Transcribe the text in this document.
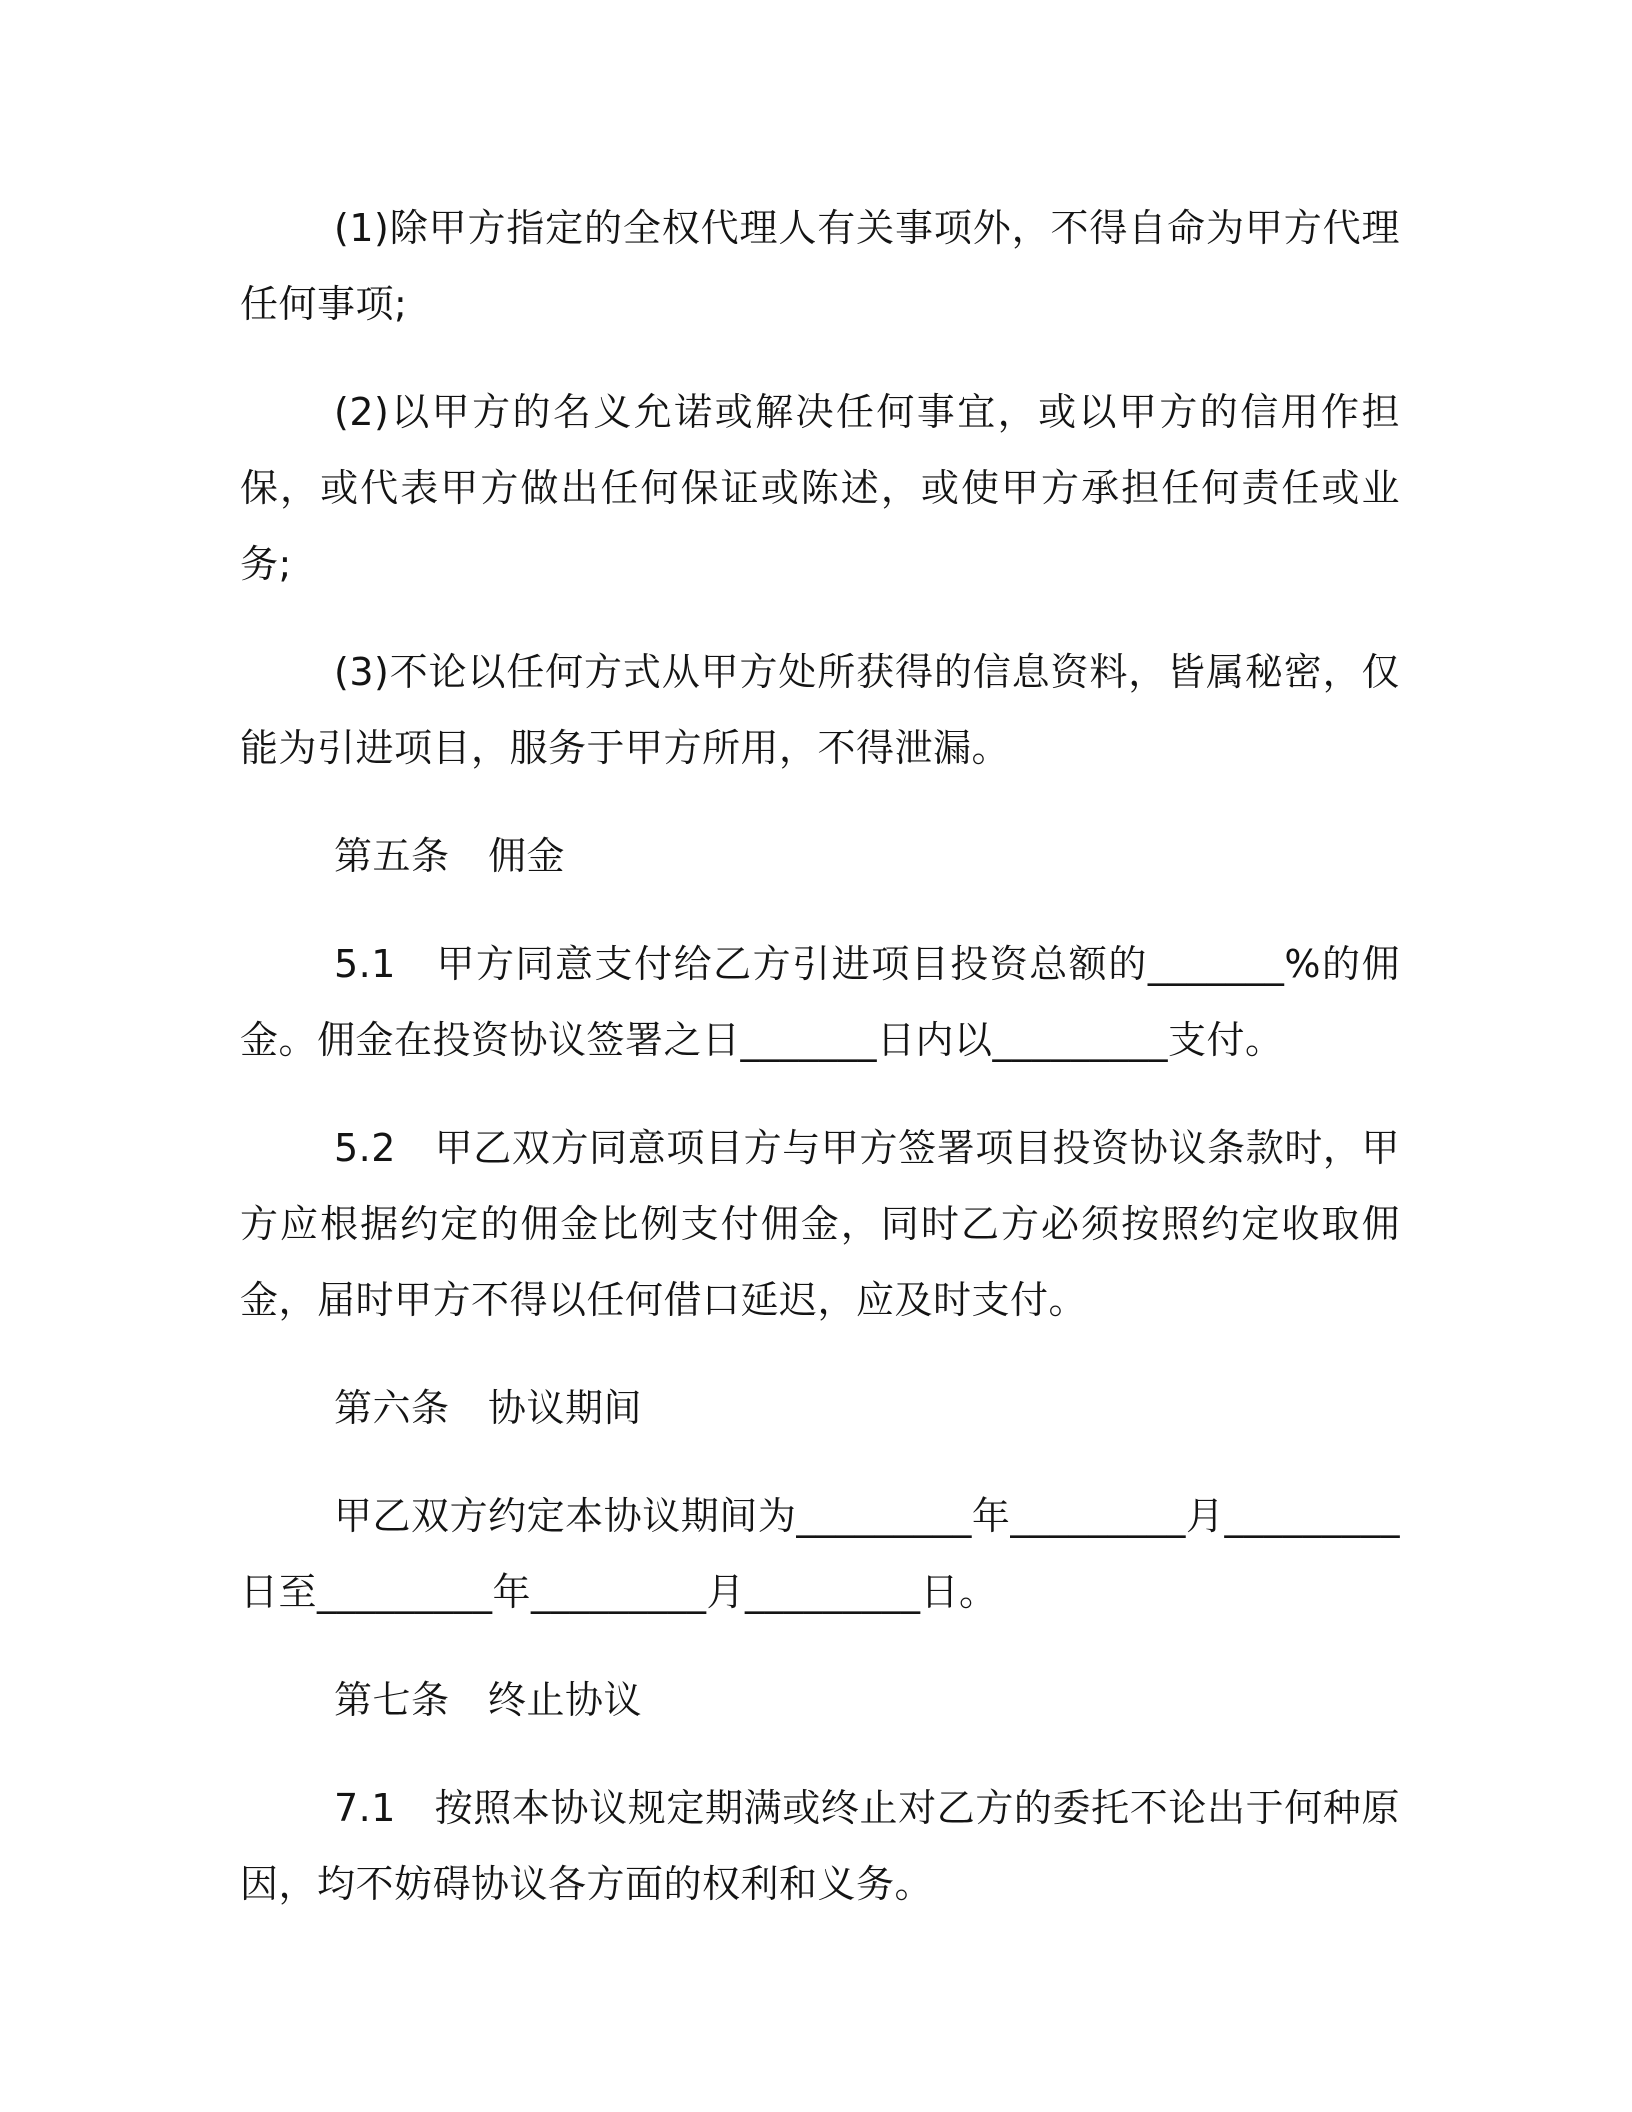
(1)除甲方指定的全权代理人有关事项外，不得自命为甲方代理任何事项;

(2)以甲方的名义允诺或解决任何事宜，或以甲方的信用作担保，或代表甲方做出任何保证或陈述，或使甲方承担任何责任或业务;

(3)不论以任何方式从甲方处所获得的信息资料，皆属秘密，仅能为引进项目，服务于甲方所用，不得泄漏。

第五条　佣金

5.1　甲方同意支付给乙方引进项目投资总额的_______%的佣金。佣金在投资协议签署之日_______日内以_________支付。

5.2　甲乙双方同意项目方与甲方签署项目投资协议条款时，甲方应根据约定的佣金比例支付佣金，同时乙方必须按照约定收取佣金，届时甲方不得以任何借口延迟，应及时支付。

第六条　协议期间

甲乙双方约定本协议期间为_________年_________月_________日至_________年_________月_________日。

第七条　终止协议

7.1　按照本协议规定期满或终止对乙方的委托不论出于何种原因，均不妨碍协议各方面的权利和义务。
